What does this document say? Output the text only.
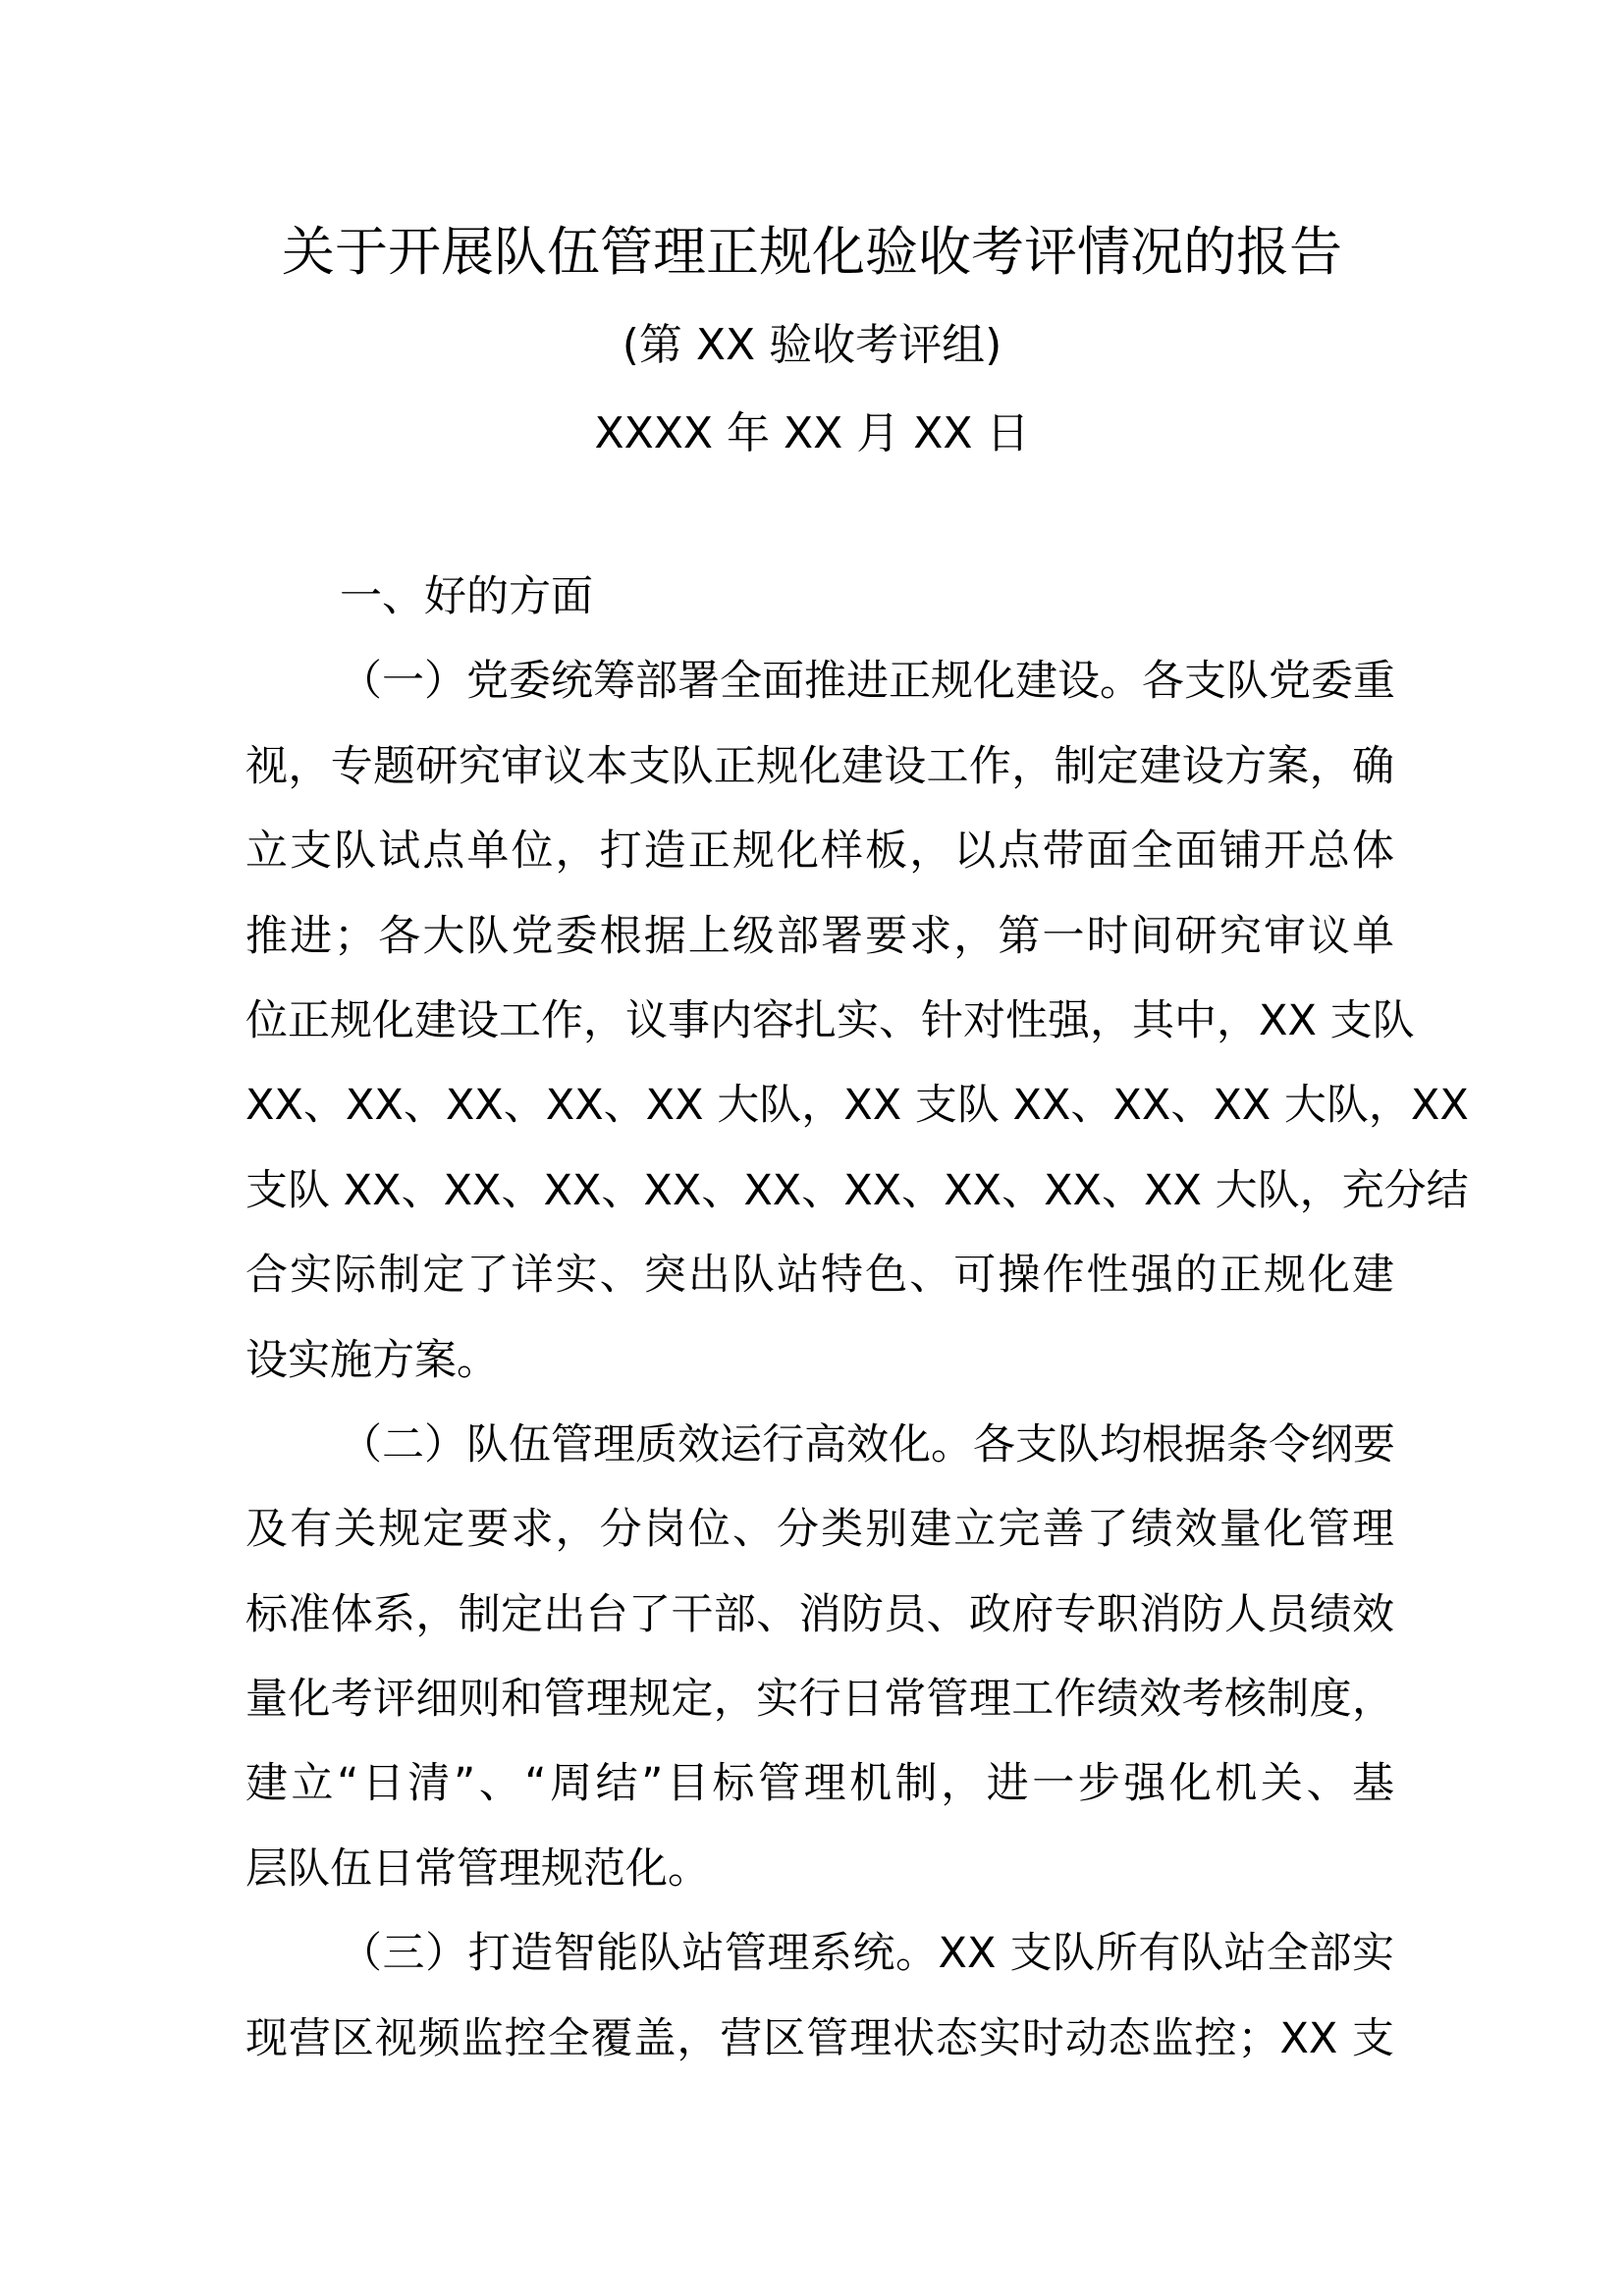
关于开展队伍管理正规化验收考评情况的报告
(第 XX 验收考评组)
XXXX 年 XX 月 XX 日
一、好的方面
（一）党委统筹部署全面推进正规化建设。各支队党委重
视，专题研究审议本支队正规化建设工作，制定建设方案，确
立支队试点单位，打造正规化样板，以点带面全面铺开总体
推进；各大队党委根据上级部署要求，第一时间研究审议单
位正规化建设工作，议事内容扎实、针对性强，其中，XX 支队
XX、XX、XX、XX、XX 大队，XX 支队 XX、XX、XX 大队，XX
支队 XX、XX、XX、XX、XX、XX、XX、XX、XX 大队，充分结
合实际制定了详实、突出队站特色、可操作性强的正规化建
设实施方案。
（二）队伍管理质效运行高效化。各支队均根据条令纲要
及有关规定要求，分岗位、分类别建立完善了绩效量化管理
标准体系，制定出台了干部、消防员、政府专职消防人员绩效
量化考评细则和管理规定，实行日常管理工作绩效考核制度，
建立“日清”、“周结”目标管理机制，进一步强化机关、基
层队伍日常管理规范化。
（三）打造智能队站管理系统。XX 支队所有队站全部实
现营区视频监控全覆盖，营区管理状态实时动态监控；XX 支
